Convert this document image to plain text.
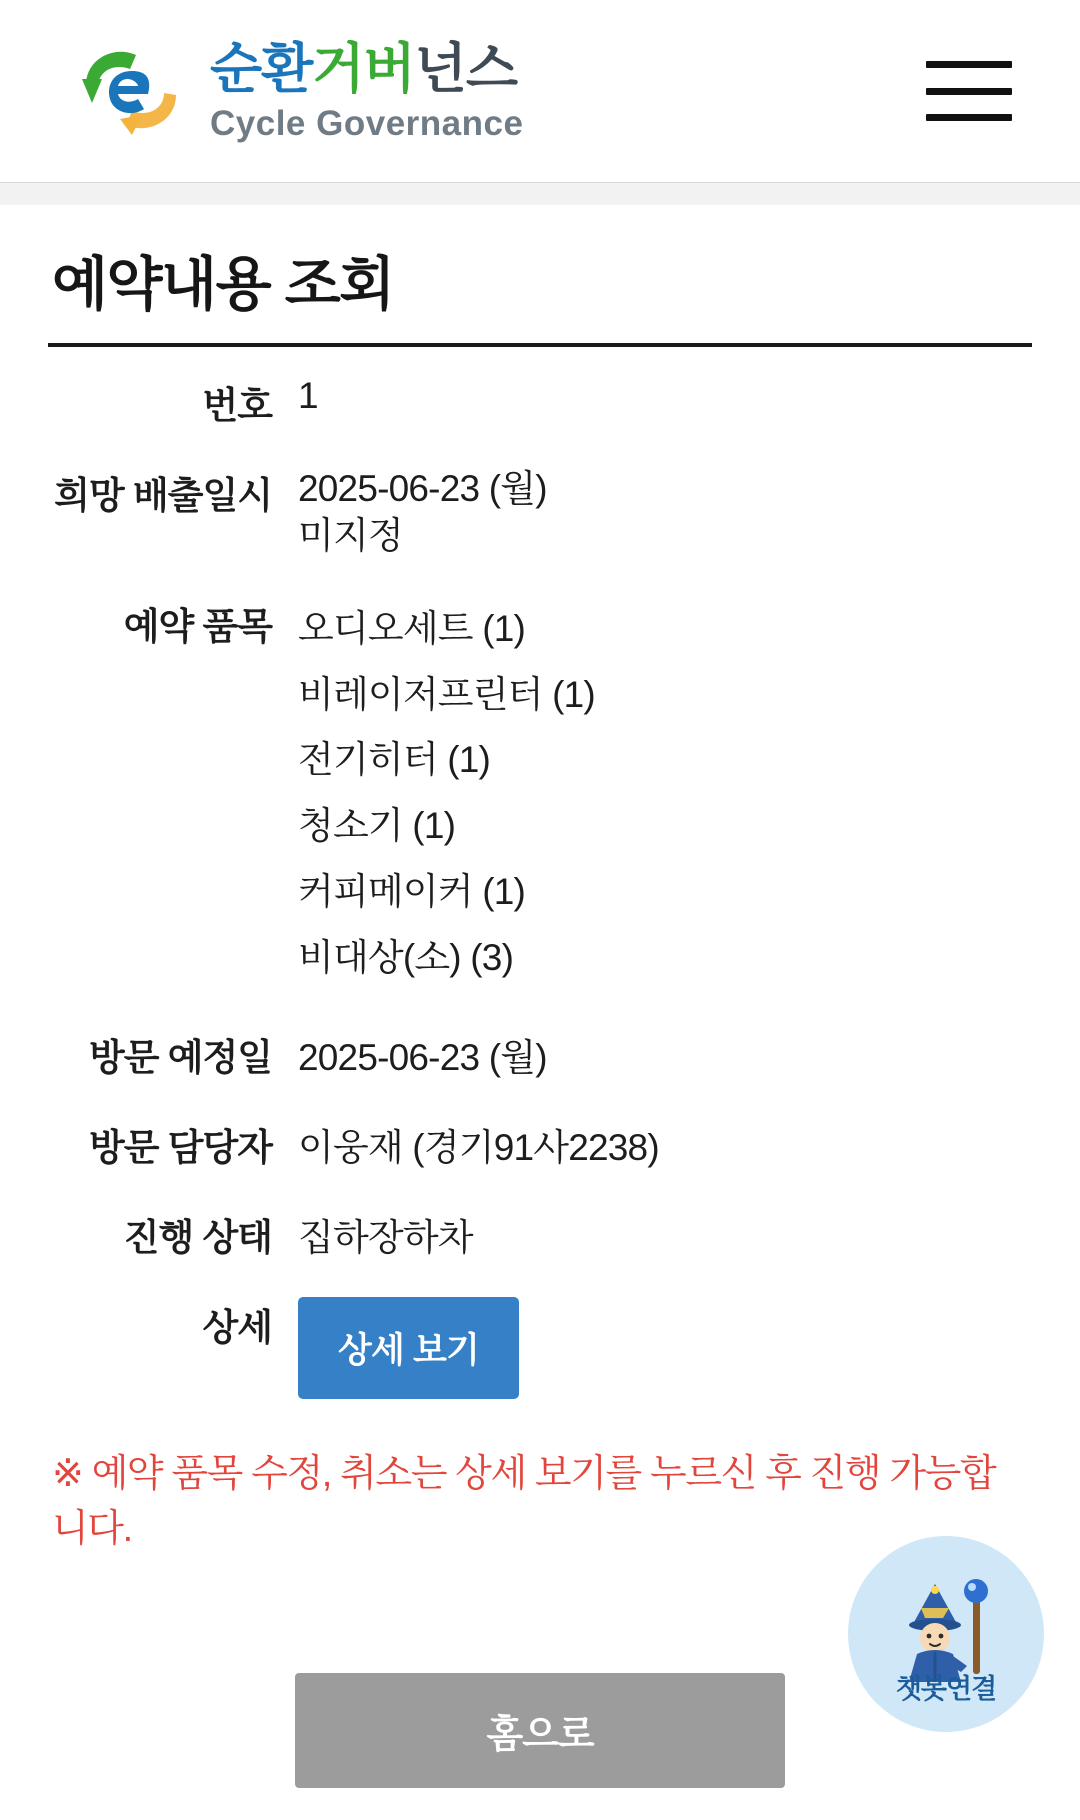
순환거버넌스
Cycle Governance
예약내용 조회
번호	1
희망 배출일시	2025-06-23 (월)
미지정

예약 품목	오디오세트 (1)
비레이저프린터 (1)
전기히터 (1)
청소기 (1)
커피메이커 (1)
비대상(소) (3)

방문 예정일	2025-06-23 (월)
방문 담당자	이웅재 (경기91사2238)
진행 상태	집하장하차
상세	상세 보기
※ 예약 품목 수정, 취소는 상세 보기를 누르신 후 진행 가능합니다.
홈으로
챗봇연결
